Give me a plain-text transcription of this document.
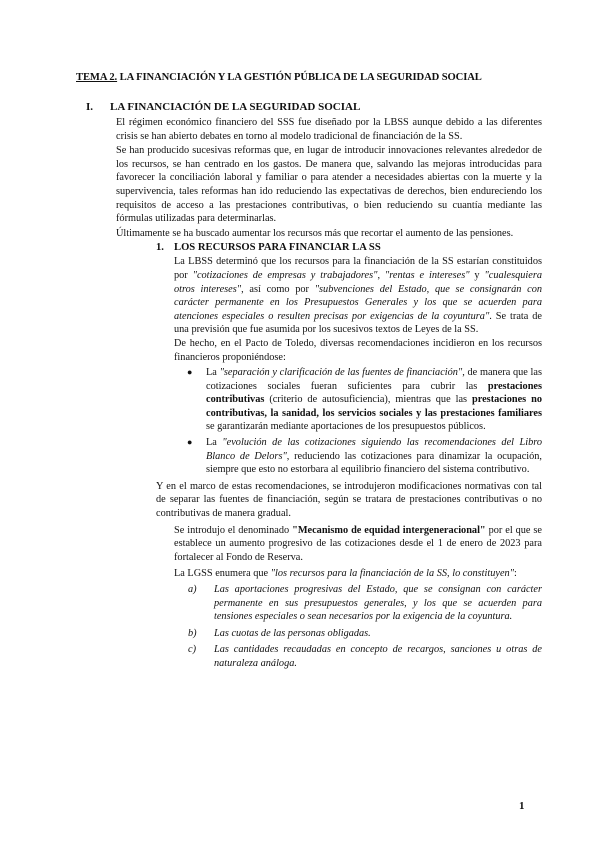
TEMA 2. LA FINANCIACIÓN Y LA GESTIÓN PÚBLICA DE LA SEGURIDAD SOCIAL
I. LA FINANCIACIÓN DE LA SEGURIDAD SOCIAL

El régimen económico financiero del SSS fue diseñado por la LBSS aunque debido a las diferentes crisis se han abierto debates en torno al modelo tradicional de financiación de la SS.

Se han producido sucesivas reformas que, en lugar de introducir innovaciones relevantes alrededor de los recursos, se han centrado en los gastos. De manera que, salvando las mejoras introducidas para favorecer la conciliación laboral y familiar o para atender a necesidades abiertas con la muerte y la supervivencia, tales reformas han ido reduciendo las expectativas de derechos, bien endureciendo los requisitos de acceso a las prestaciones contributivas, o bien reduciendo su cuantía mediante las fórmulas utilizadas para determinarlas.

Últimamente se ha buscado aumentar los recursos más que recortar el aumento de las pensiones.

1. LOS RECURSOS PARA FINANCIAR LA SS

La LBSS determinó que los recursos para la financiación de la SS estarían constituidos por "cotizaciones de empresas y trabajadores", "rentas e intereses" y "cualesquiera otros intereses", así como por "subvenciones del Estado, que se consignarán con carácter permanente en los Presupuestos Generales y los que se acuerden para atenciones especiales o resulten precisas por exigencias de la coyuntura". Se trata de una previsión que fue asumida por los sucesivos textos de Leyes de la SS.

De hecho, en el Pacto de Toledo, diversas recomendaciones incidieron en los recursos financieros proponiéndose:

● La "separación y clarificación de las fuentes de financiación", de manera que las cotizaciones sociales fueran suficientes para cubrir las prestaciones contributivas (criterio de autosuficiencia), mientras que las prestaciones no contributivas, la sanidad, los servicios sociales y las prestaciones familiares se garantizarán mediante aportaciones de los presupuestos públicos.
● La "evolución de las cotizaciones siguiendo las recomendaciones del Libro Blanco de Delors", reduciendo las cotizaciones para dinamizar la ocupación, siempre que esto no estorbara al equilibrio financiero del sistema contributivo.

Y en el marco de estas recomendaciones, se introdujeron modificaciones normativas con tal de separar las fuentes de financiación, según se tratara de prestaciones contributivas o no contributivas de manera gradual.

Se introdujo el denominado "Mecanismo de equidad intergeneracional" por el que se establece un aumento progresivo de las cotizaciones desde el 1 de enero de 2023 para fortalecer al Fondo de Reserva.

La LGSS enumera que "los recursos para la financiación de la SS, lo constituyen":

a) Las aportaciones progresivas del Estado, que se consignan con carácter permanente en sus presupuestos generales, y los que se acuerden para tensiones especiales o sean necesarios por la exigencia de la coyuntura.
b) Las cuotas de las personas obligadas.
c) Las cantidades recaudadas en concepto de recargos, sanciones u otras de naturaleza análoga.
1
